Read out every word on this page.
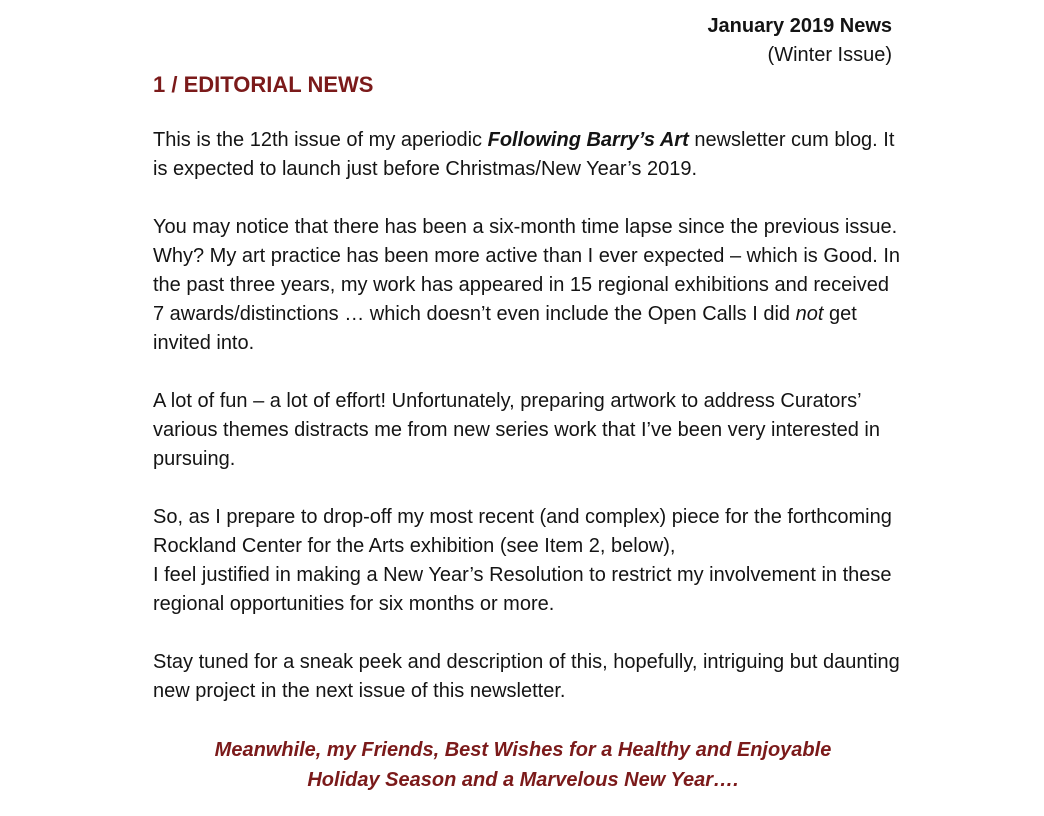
January 2019 News
(Winter Issue)
1 / EDITORIAL NEWS

This is the 12th issue of my aperiodic Following Barry’s Art newsletter cum blog. It is expected to launch just before Christmas/New Year’s 2019.

You may notice that there has been a six-month time lapse since the previous issue. Why? My art practice has been more active than I ever expected – which is Good. In the past three years, my work has appeared in 15 regional exhibitions and received 7 awards/distinctions … which doesn’t even include the Open Calls I did not get invited into.

A lot of fun – a lot of effort! Unfortunately, preparing artwork to address Curators’ various themes distracts me from new series work that I’ve been very interested in pursuing.

So, as I prepare to drop-off my most recent (and complex) piece for the forthcoming Rockland Center for the Arts exhibition (see Item 2, below),
I feel justified in making a New Year’s Resolution to restrict my involvement in these regional opportunities for six months or more.

Stay tuned for a sneak peek and description of this, hopefully, intriguing but daunting new project in the next issue of this newsletter.

Meanwhile, my Friends, Best Wishes for a Healthy and Enjoyable
Holiday Season and a Marvelous New Year….
